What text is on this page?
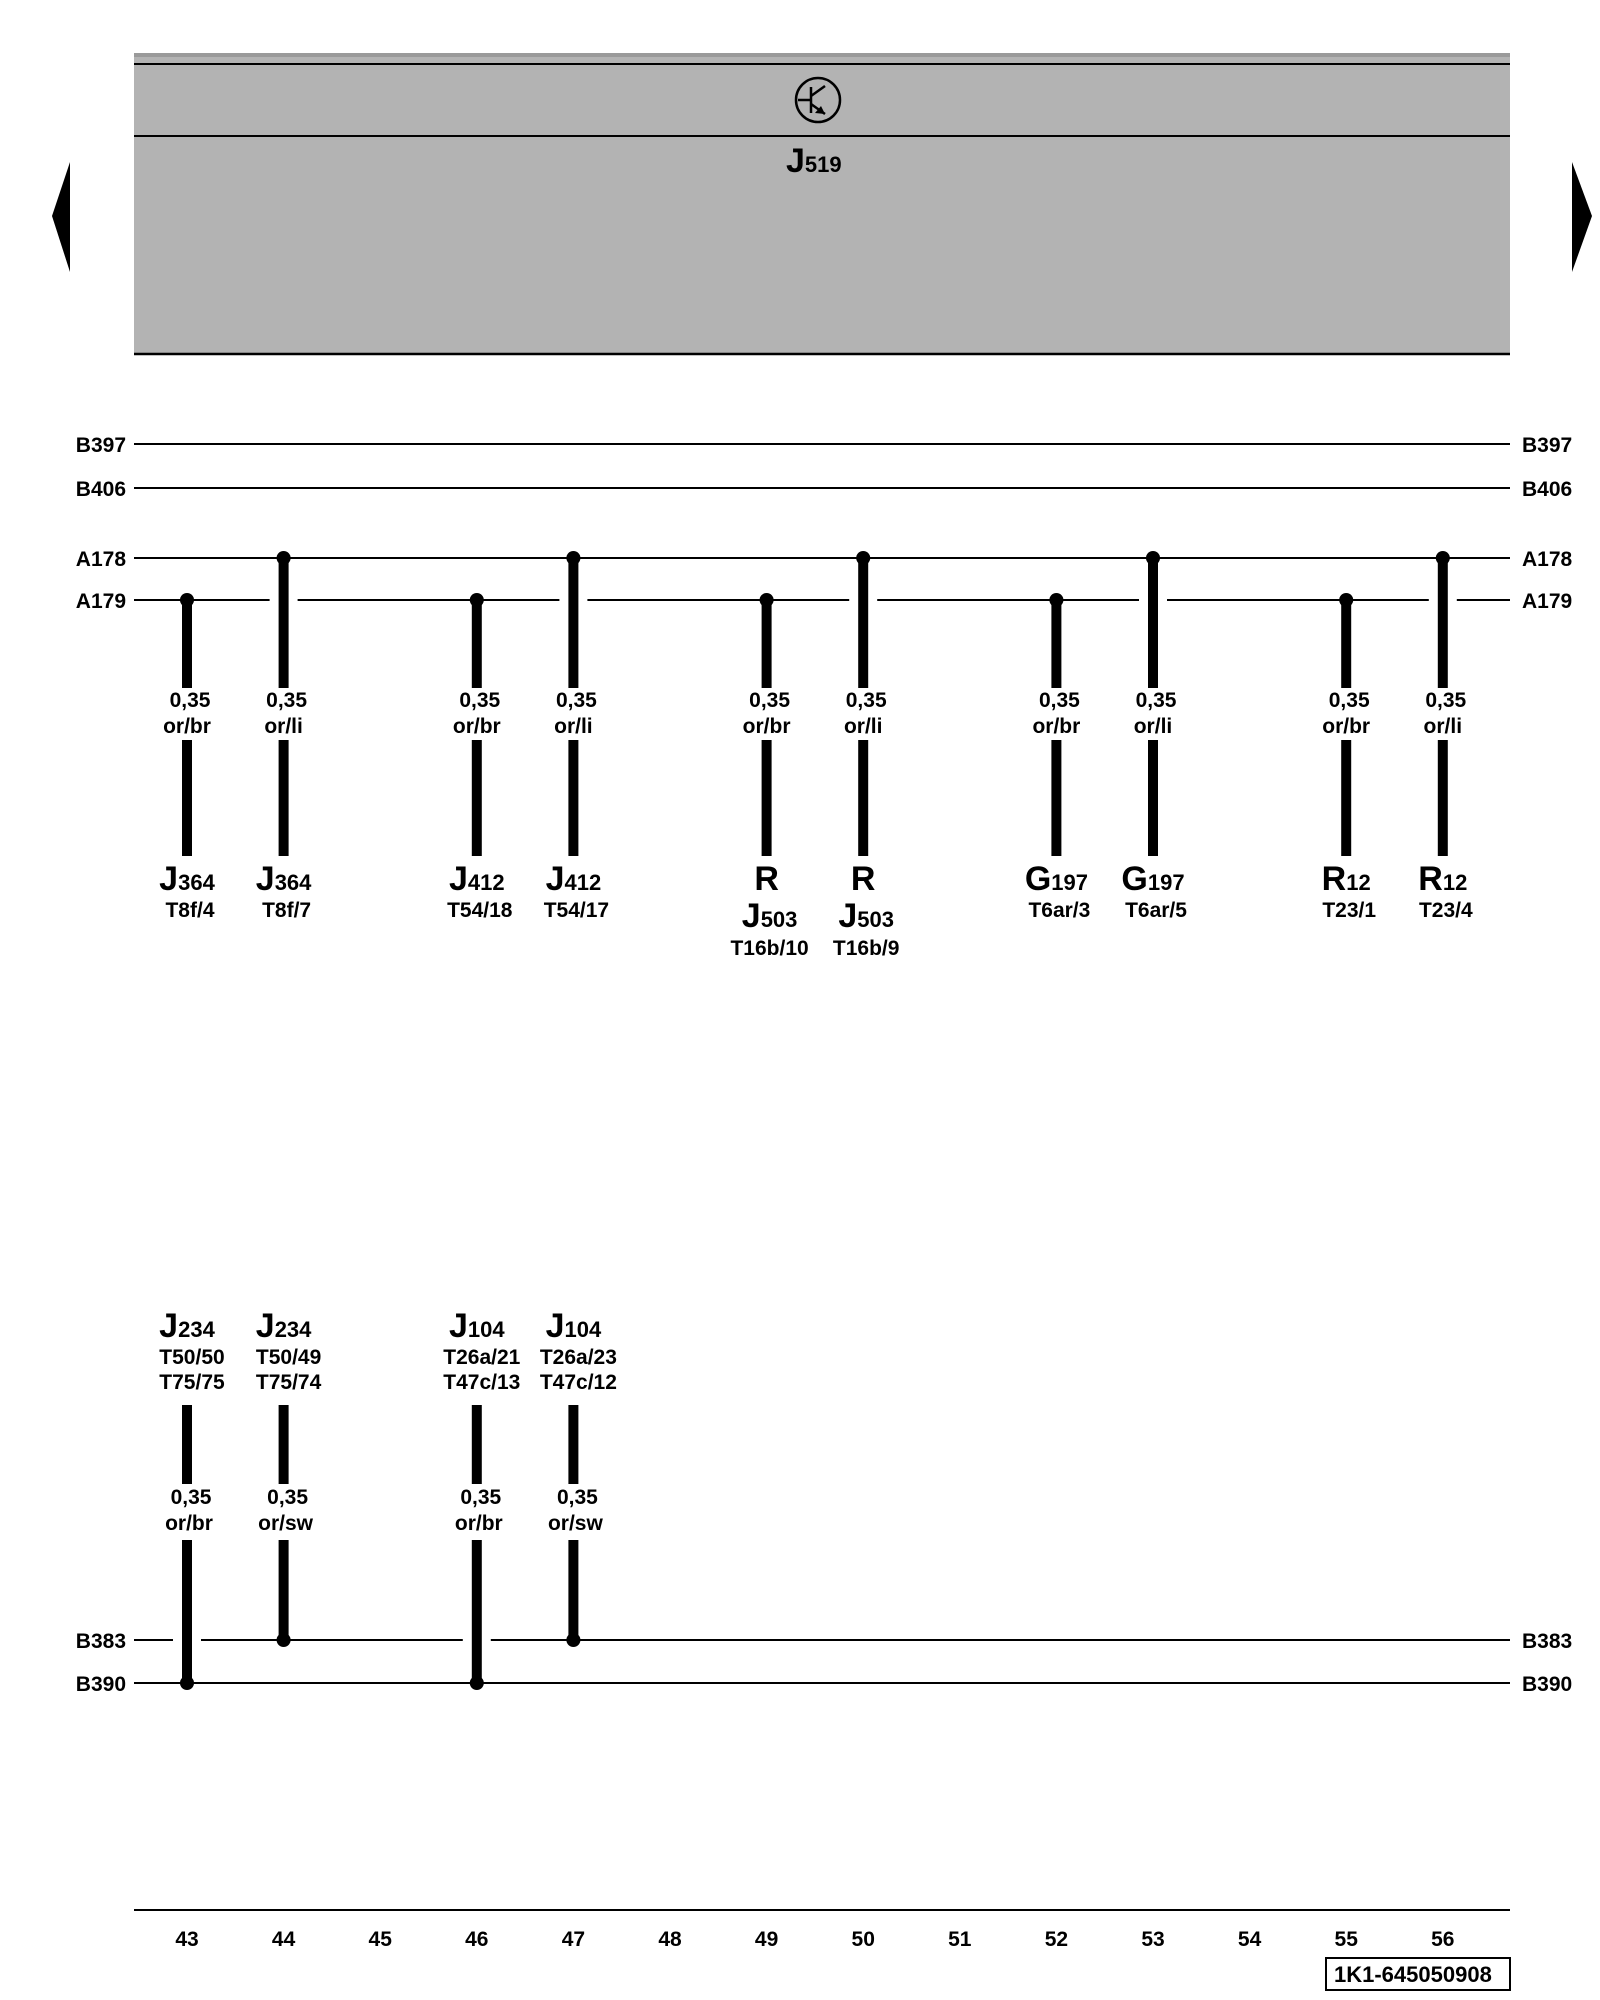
J519
B397	B397
B406	B406
A178	A178
A179	A179
B383	B383
B390	B390
0,35
or/br
J364
T8f/4
0,35
or/li
J364
T8f/7
0,35
or/br
J412
T54/18
0,35
or/li
J412
T54/17
0,35
or/br
R
J503
T16b/10
0,35
or/li
R
J503
T16b/9
0,35
or/br
G197
T6ar/3
0,35
or/li
G197
T6ar/5
0,35
or/br
R12
T23/1
0,35
or/li
R12
T23/4
J234
T50/50
T75/75
0,35
or/br
J234
T50/49
T75/74
0,35
or/sw
J104
T26a/21
T47c/13
0,35
or/br
J104
T26a/23
T47c/12
0,35
or/sw
43	44	45	46	47	48	49	50	51	52	53	54	55	56
1K1-645050908
